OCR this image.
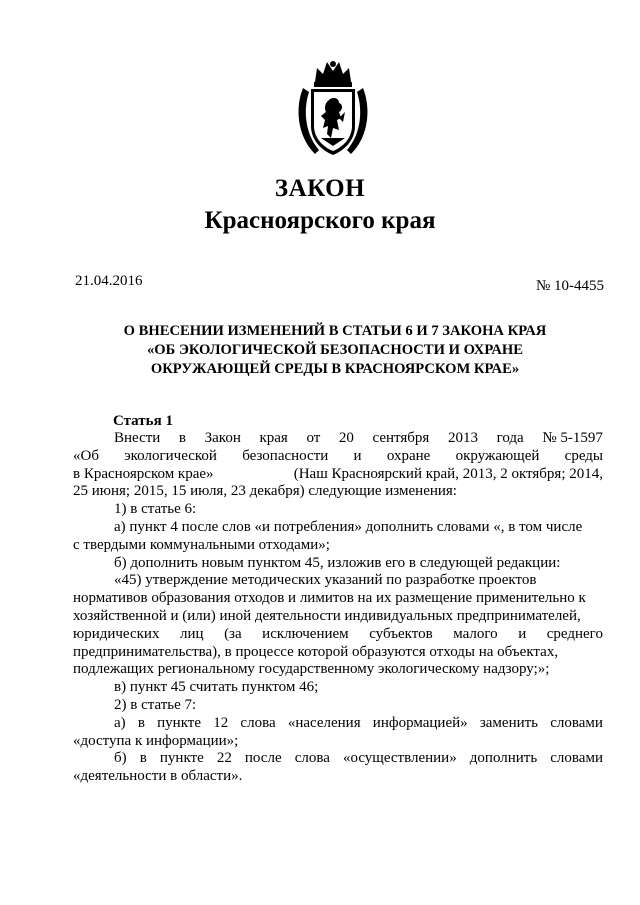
ЗАКОН
Красноярского края
21.04.2016	№ 10-4455
О ВНЕСЕНИИ ИЗМЕНЕНИЙ В СТАТЬИ 6 И 7 ЗАКОНА КРАЯ
«ОБ ЭКОЛОГИЧЕСКОЙ БЕЗОПАСНОСТИ И ОХРАНЕ
ОКРУЖАЮЩЕЙ СРЕДЫ В КРАСНОЯРСКОМ КРАЕ»
Статья 1
Внести в Закон края от 20 сентября 2013 года № 5-1597
«Об экологической безопасности и охране окружающей среды
в Красноярском крае»	(Наш Красноярский край, 2013, 2 октября; 2014,
25 июня; 2015, 15 июля, 23 декабря) следующие изменения:
1) в статье 6:
а) пункт 4 после слов «и потребления» дополнить словами «, в том числе
с твердыми коммунальными отходами»;
б) дополнить новым пунктом 45, изложив его в следующей редакции:
«45) утверждение методических указаний по разработке проектов
нормативов образования отходов и лимитов на их размещение применительно к
хозяйственной и (или) иной деятельности индивидуальных предпринимателей,
юридических лиц (за исключением субъектов малого и среднего
предпринимательства), в процессе которой образуются отходы на объектах,
подлежащих региональному государственному экологическому надзору;»;
в) пункт 45 считать пунктом 46;
2) в статье 7:
а) в пункте 12 слова «населения информацией» заменить словами
«доступа к информации»;
б) в пункте 22 после слова «осуществлении» дополнить словами
«деятельности в области».
